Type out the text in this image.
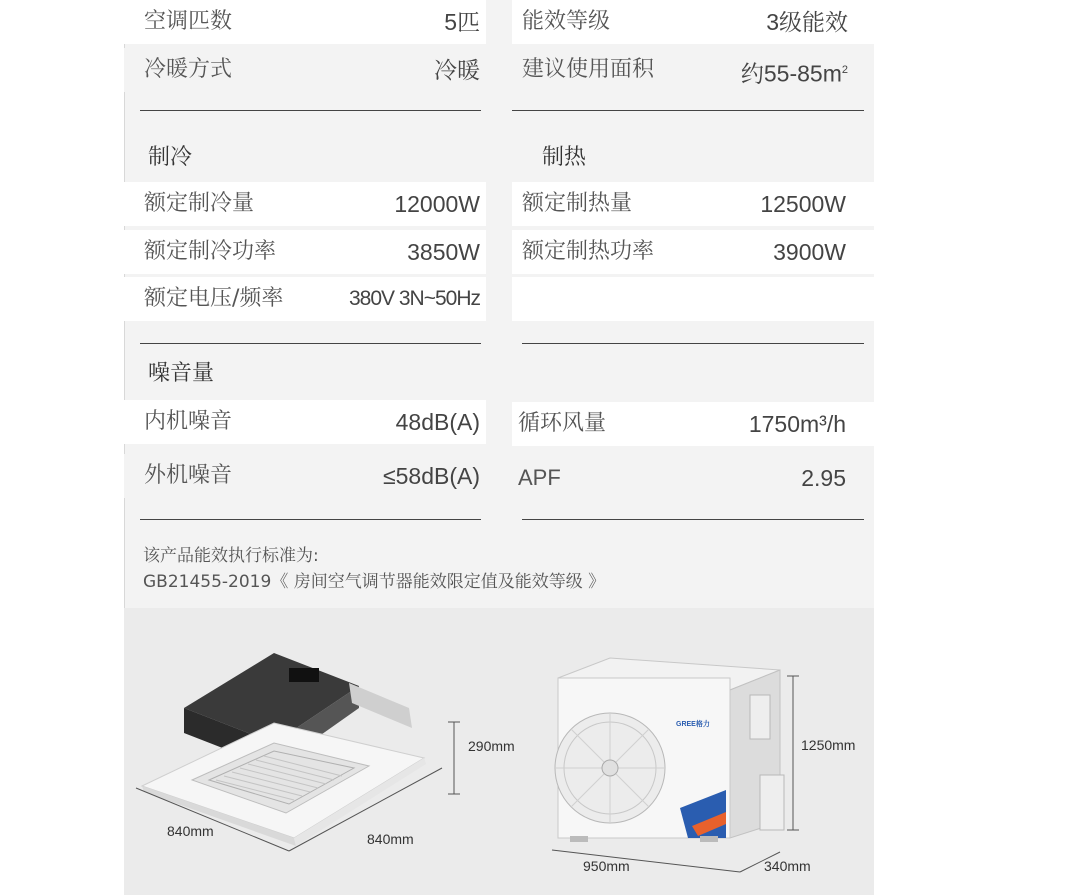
空调匹数	5匹 能效等级	3级能效
冷暖方式	冷暖 建议使用面积	约$55-85m^2$
制冷	制热
额定制冷量	12000W 额定制热量	12500W
额定制冷功率	3850W 额定制热功率	3900W
额定电压/频率	380V 3N~50Hz
噪音量
内机噪音	48dB(A) 循环风量	1750m³/h
外机噪音	≤58dB(A) APF	2.95
该产品能效执行标准为:
GB21455-2019《 房间空气调节器能效限定值及能效等级 》
840mm	840mm
290mm
GREE格力
950mm	340mm
1250mm
